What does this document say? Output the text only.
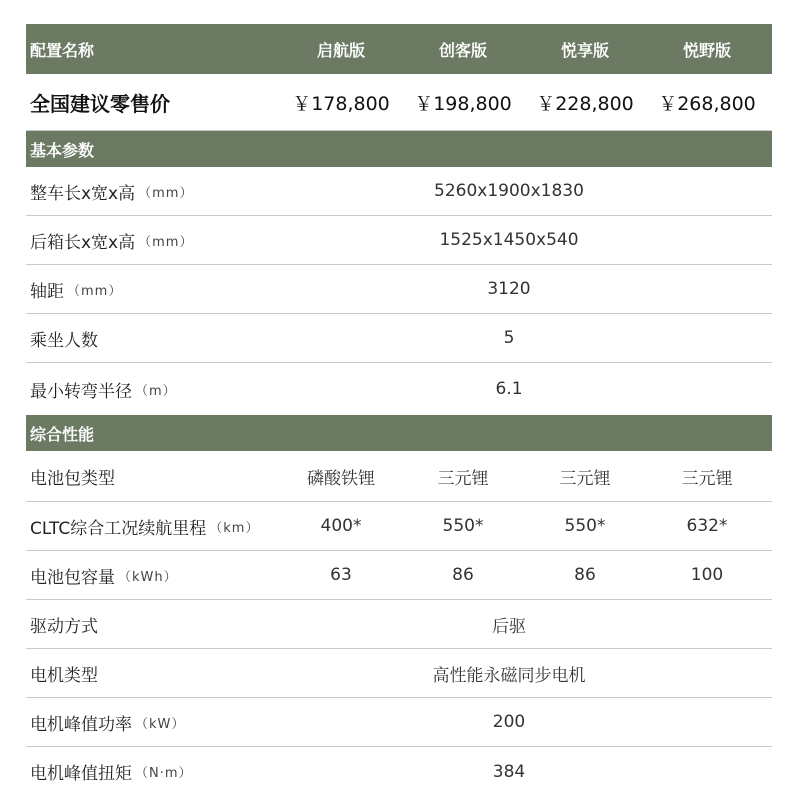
配置名称	启航版	创客版	悦享版	悦野版
全国建议零售价	￥178,800	￥198,800	￥228,800	￥268,800
基本参数
整车长x宽x高 （mm）	5260x1900x1830
后箱长x宽x高 （mm）	1525x1450x540
轴距 （mm）	3120
乘坐人数	5
最小转弯半径 （m）	6.1
综合性能
电池包类型	磷酸铁锂	三元锂	三元锂	三元锂
CLTC综合工况续航里程 （km）	400*	550*	550*	632*
电池包容量 （kWh）	63	86	86	100
驱动方式	后驱
电机类型	高性能永磁同步电机
电机峰值功率 （kW）	200
电机峰值扭矩 （N·m）	384
